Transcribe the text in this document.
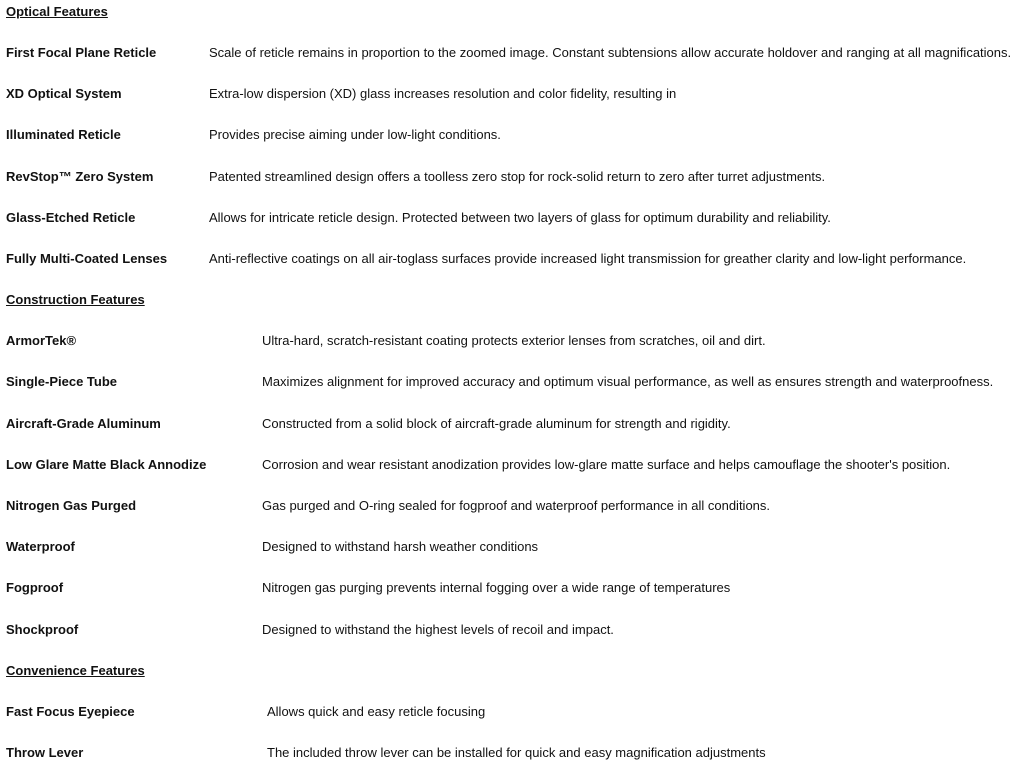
Optical Features
First Focal Plane Reticle	Scale of reticle remains in proportion to the zoomed image. Constant subtensions allow accurate holdover and ranging at all magnifications.
XD Optical System	Extra-low dispersion (XD) glass increases resolution and color fidelity, resulting in
Illuminated Reticle	Provides precise aiming under low-light conditions.
RevStop™ Zero System	Patented streamlined design offers a toolless zero stop for rock-solid return to zero after turret adjustments.
Glass-Etched Reticle	Allows for intricate reticle design. Protected between two layers of glass for optimum durability and reliability.
Fully Multi-Coated Lenses	Anti-reflective coatings on all air-toglass surfaces provide increased light transmission for greather clarity and low-light performance.
Construction Features
ArmorTek®	Ultra-hard, scratch-resistant coating protects exterior lenses from scratches, oil and dirt.
Single-Piece Tube	Maximizes alignment for improved accuracy and optimum visual performance, as well as ensures strength and waterproofness.
Aircraft-Grade Aluminum	Constructed from a solid block of aircraft-grade aluminum for strength and rigidity.
Low Glare Matte Black Annodize	Corrosion and wear resistant anodization provides low-glare matte surface and helps camouflage the shooter's position.
Nitrogen Gas Purged	Gas purged and O-ring sealed for fogproof and waterproof performance in all conditions.
Waterproof	Designed to withstand harsh weather conditions
Fogproof	Nitrogen gas purging prevents internal fogging over a wide range of temperatures
Shockproof	Designed to withstand the highest levels of recoil and impact.
Convenience Features
Fast Focus Eyepiece	Allows quick and easy reticle focusing
Throw Lever	The included throw lever can be installed for quick and easy magnification adjustments
